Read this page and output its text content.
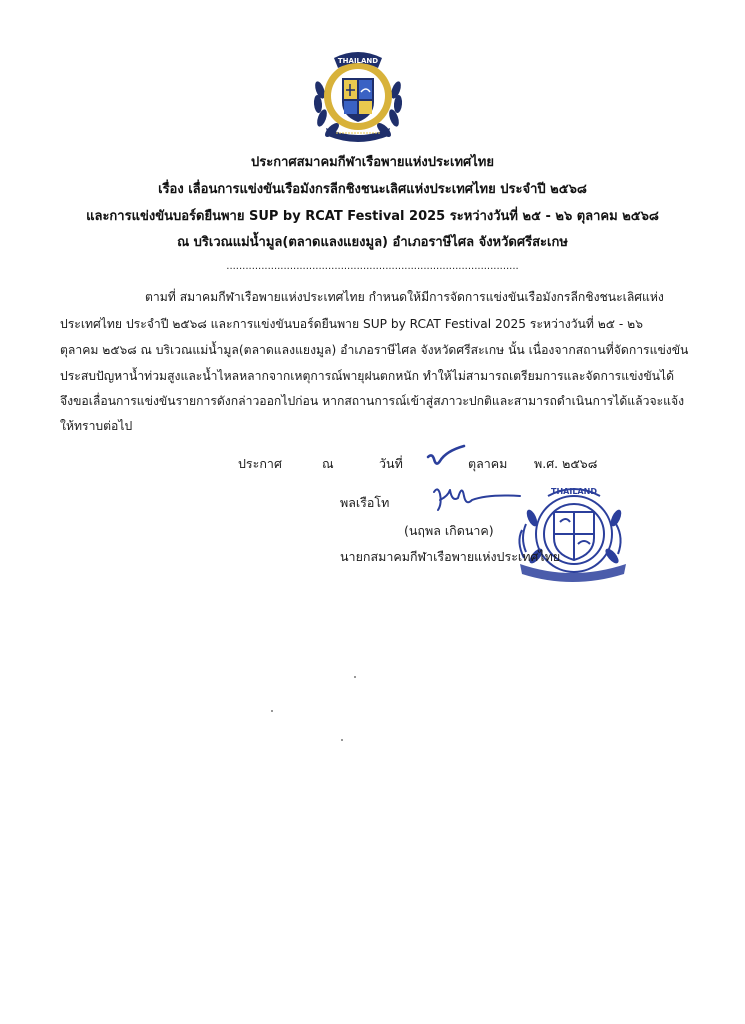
THAILAND
ประกาศสมาคมกีฬาเรือพายแห่งประเทศไทย
เรื่อง เลื่อนการแข่งขันเรือมังกรลีกชิงชนะเลิศแห่งประเทศไทย ประจำปี ๒๕๖๘
และการแข่งขันบอร์ดยืนพาย SUP by RCAT Festival 2025 ระหว่างวันที่ ๒๕ - ๒๖ ตุลาคม ๒๕๖๘
ณ บริเวณแม่น้ำมูล(ตลาดแลงแยงมูล) อำเภอราษีไศล จังหวัดศรีสะเกษ
............................................................................................
ตามที่ สมาคมกีฬาเรือพายแห่งประเทศไทย กำหนดให้มีการจัดการแข่งขันเรือมังกรลีกชิงชนะเลิศแห่ง
ประเทศไทย ประจำปี ๒๕๖๘ และการแข่งขันบอร์ดยืนพาย SUP by RCAT Festival 2025 ระหว่างวันที่ ๒๕ - ๒๖
ตุลาคม ๒๕๖๘ ณ บริเวณแม่น้ำมูล(ตลาดแลงแยงมูล) อำเภอราษีไศล จังหวัดศรีสะเกษ นั้น เนื่องจากสถานที่จัดการแข่งขัน
ประสบปัญหาน้ำท่วมสูงและน้ำไหลหลากจากเหตุการณ์พายุฝนตกหนัก ทำให้ไม่สามารถเตรียมการและจัดการแข่งขันได้
จึงขอเลื่อนการแข่งขันรายการดังกล่าวออกไปก่อน หากสถานการณ์เข้าสู่สภาวะปกติและสามารถดำเนินการได้แล้วจะแจ้ง
ให้ทราบต่อไป
ประกาศ	ณ	วันที่	ตุลาคม พ.ศ. ๒๕๖๘
THAILAND
พลเรือโท
(นฤพล เกิดนาค)
นายกสมาคมกีฬาเรือพายแห่งประเทศไทย
